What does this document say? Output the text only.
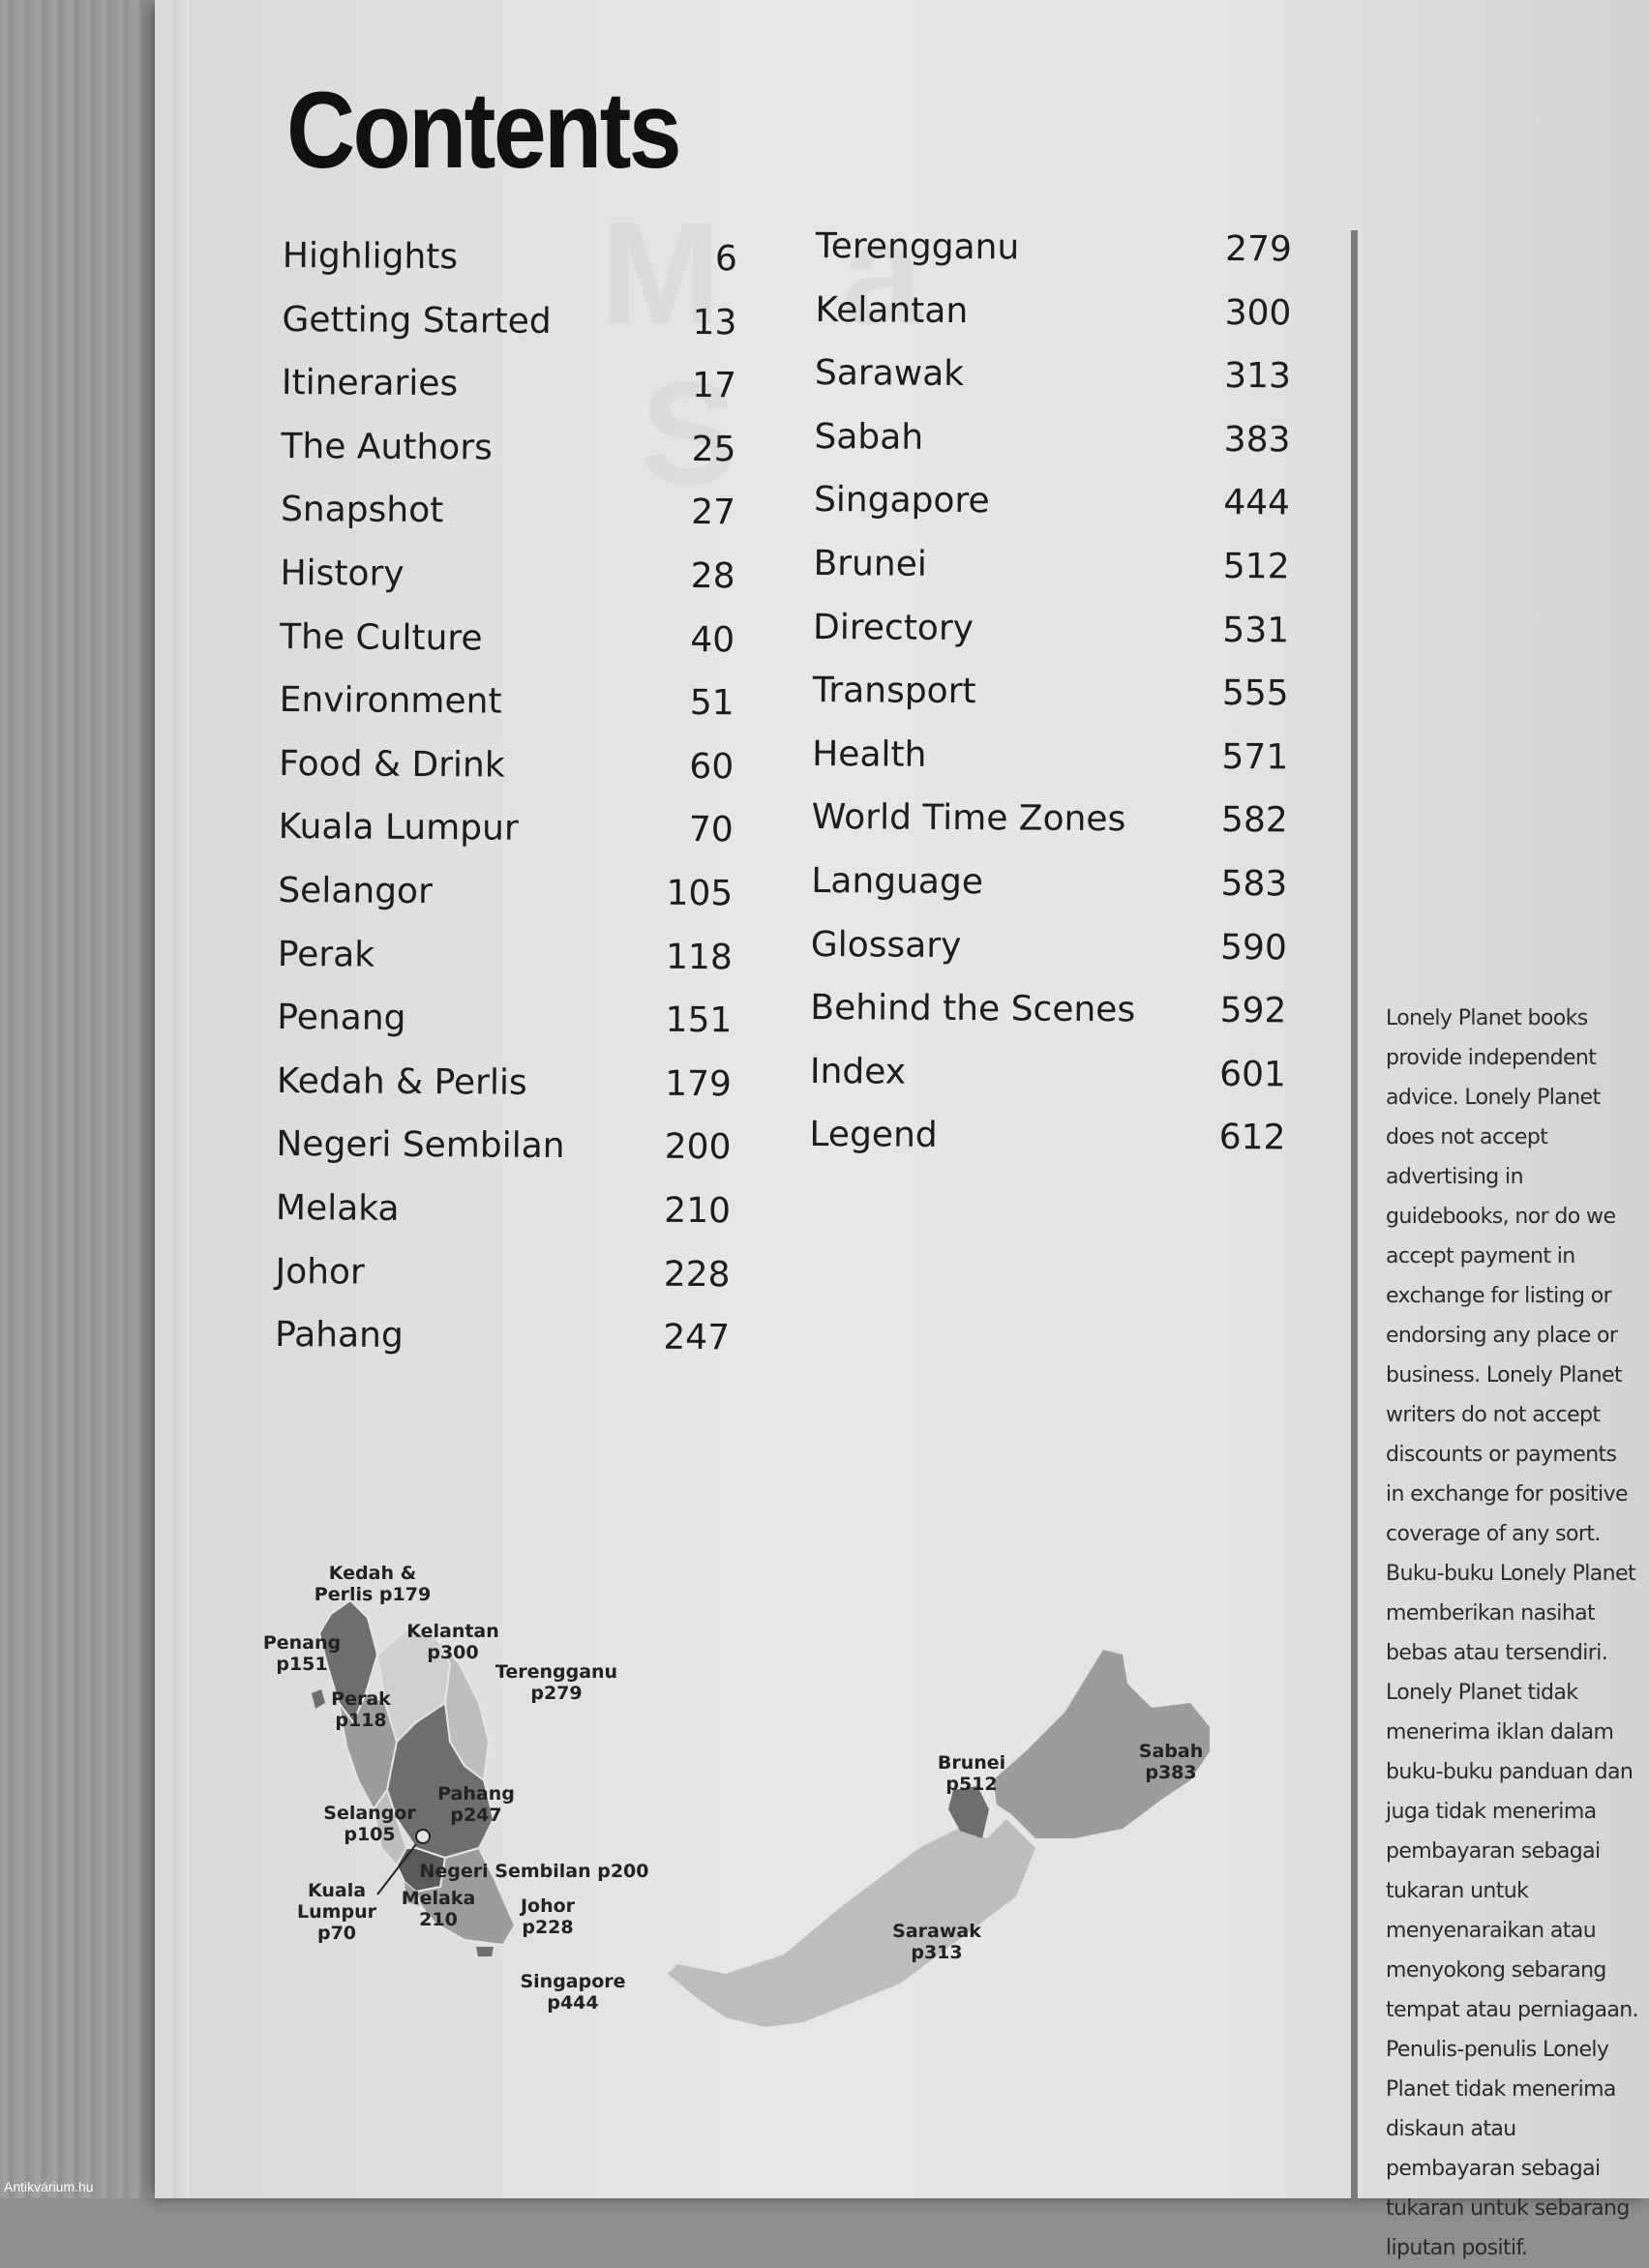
Antikvárium.hu
Contents
Highlights	6
Getting Started	13
Itineraries	17
The Authors	25
Snapshot	27
History	28
The Culture	40
Environment	51
Food & Drink	60
Kuala Lumpur	70
Selangor	105
Perak	118
Penang	151
Kedah & Perlis	179
Negeri Sembilan	200
Melaka	210
Johor	228
Pahang	247
Terengganu	279
Kelantan	300
Sarawak	313
Sabah	383
Singapore	444
Brunei	512
Directory	531
Transport	555
Health	571
World Time Zones	582
Language	583
Glossary	590
Behind the Scenes 592
Index	601
Legend	612

Lonely Planet books provide independent advice. Lonely Planet does not accept advertising in guidebooks, nor do we accept payment in exchange for listing or endorsing any place or business. Lonely Planet writers do not accept discounts or payments in exchange for positive coverage of any sort.

Buku-buku Lonely Planet memberikan nasihat bebas atau tersendiri. Lonely Planet tidak menerima iklan dalam buku-buku panduan dan juga tidak menerima pembayaran sebagai tukaran untuk menyenaraikan atau menyokong sebarang tempat atau perniagaan. Penulis-penulis Lonely Planet tidak menerima diskaun atau pembayaran sebagai tukaran untuk sebarang liputan positif.

Kedah & Perlis p179
Penang p151
Kelantan p300
Terengganu p279
Perak p118
Pahang p247
Selangor p105
Negeri Sembilan p200
Kuala Lumpur p70
Melaka 210
Johor p228
Singapore p444
Brunei p512
Sabah p383
Sarawak p313
